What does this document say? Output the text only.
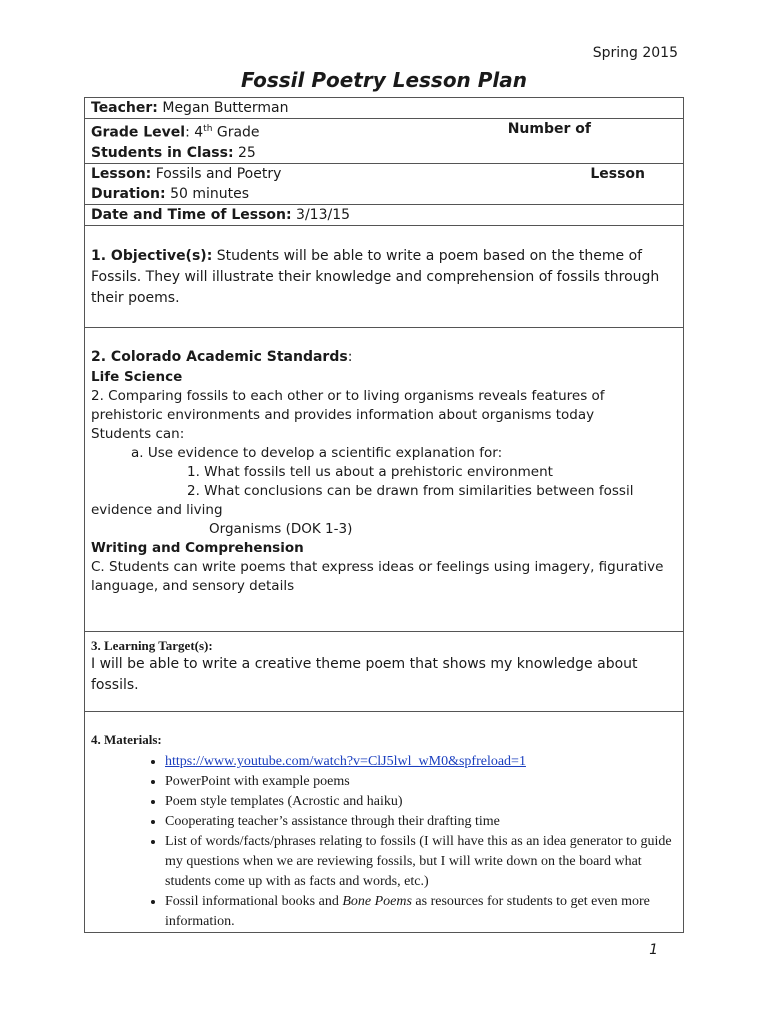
Spring 2015
Fossil Poetry Lesson Plan
Teacher: Megan Butterman
Grade Level: 4th Grade	Number of
Students in Class: 25
Lesson: Fossils and Poetry	Lesson
Duration: 50 minutes
Date and Time of Lesson: 3/13/15

1. Objective(s): Students will be able to write a poem based on the theme of Fossils. They will illustrate their knowledge and comprehension of fossils through their poems.

2. Colorado Academic Standards:

Life Science

2. Comparing fossils to each other or to living organisms reveals features of prehistoric environments and provides information about organisms today

Students can:

a. Use evidence to develop a scientific explanation for:

1. What fossils tell us about a prehistoric environment

2. What conclusions can be drawn from similarities between fossil evidence and living

Organisms (DOK 1-3)

Writing and Comprehension

C. Students can write poems that express ideas or feelings using imagery, figurative language, and sensory details

3. Learning Target(s):

I will be able to write a creative theme poem that shows my knowledge about fossils.

4. Materials:

• https://www.youtube.com/watch?v=ClJ5lwl_wM0&spfreload=1
• PowerPoint with example poems
• Poem style templates (Acrostic and haiku)
• Cooperating teacher’s assistance through their drafting time
• List of words/facts/phrases relating to fossils (I will have this as an idea generator to guide my questions when we are reviewing fossils, but I will write down on the board what students come up with as facts and words, etc.)
• Fossil informational books and Bone Poems as resources for students to get even more information.
1
